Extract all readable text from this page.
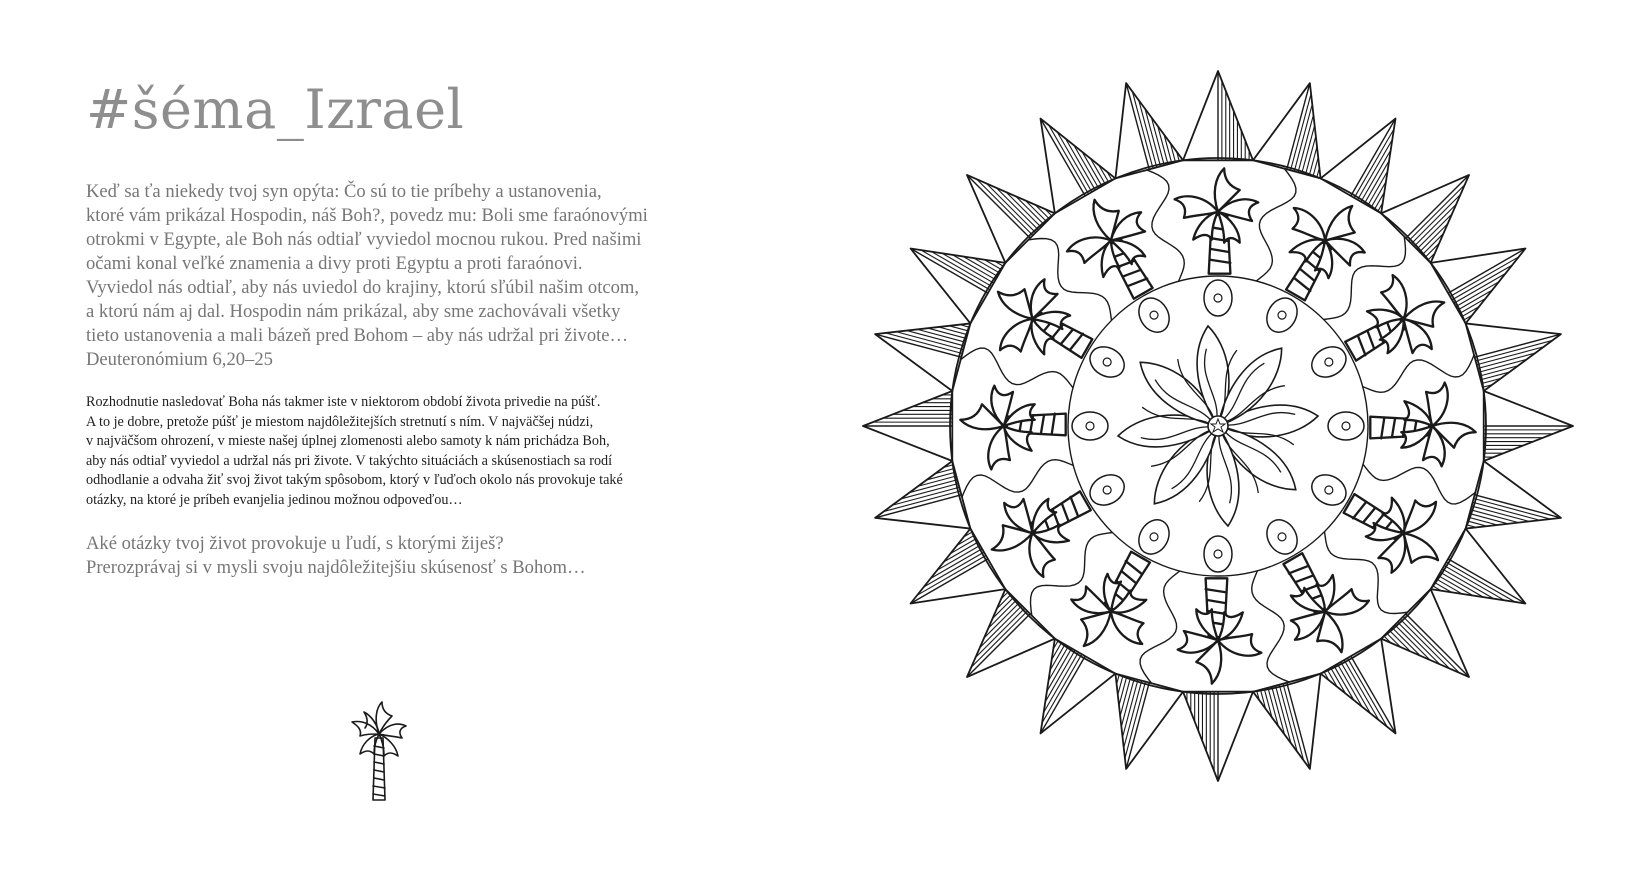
#šéma_Izrael
Keď sa ťa niekedy tvoj syn opýta: Čo sú to tie príbehy a ustanovenia,
ktoré vám prikázal Hospodin, náš Boh?, povedz mu: Boli sme faraónovými
otrokmi v Egypte, ale Boh nás odtiaľ vyviedol mocnou rukou. Pred našimi
očami konal veľké znamenia a divy proti Egyptu a proti faraónovi.
Vyviedol nás odtiaľ, aby nás uviedol do krajiny, ktorú sľúbil našim otcom,
a ktorú nám aj dal. Hospodin nám prikázal, aby sme zachovávali všetky
tieto ustanovenia a mali bázeň pred Bohom – aby nás udržal pri živote…
Deuteronómium 6,20–25
Rozhodnutie nasledovať Boha nás takmer iste v niektorom období života privedie na púšť.
A to je dobre, pretože púšť je miestom najdôležitejších stretnutí s ním. V najväčšej núdzi,
v najväčšom ohrození, v mieste našej úplnej zlomenosti alebo samoty k nám prichádza Boh,
aby nás odtiaľ vyviedol a udržal nás pri živote. V takýchto situáciách a skúsenostiach sa rodí
odhodlanie a odvaha žiť svoj život takým spôsobom, ktorý v ľuďoch okolo nás provokuje také
otázky, na ktoré je príbeh evanjelia jedinou možnou odpoveďou…
Aké otázky tvoj život provokuje u ľudí, s ktorými žiješ?
Prerozprávaj si v mysli svoju najdôležitejšiu skúsenosť s Bohom…
